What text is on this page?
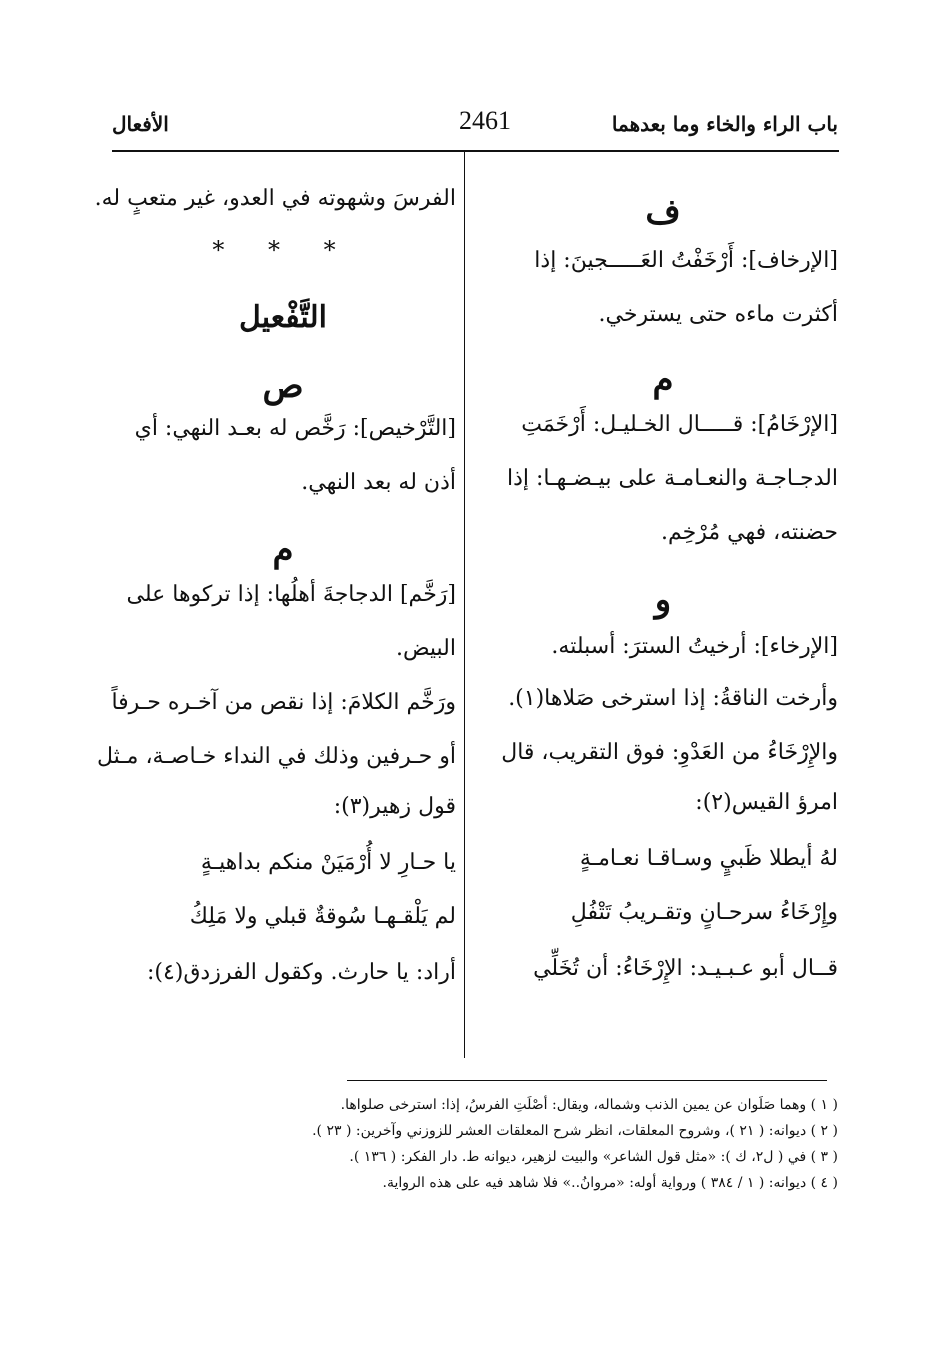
باب الراء والخاء وما بعدهما
2461
الأفعال
ف

[الإرخاف]: أَرْخَفْتُ العَـــــجينَ: إذا

أكثرت ماءه حتى يسترخي.

م

[الإرْخَامُ]: قـــــال الخـليـل: أَرْخَمَتِ

الدجـاجـة والنعـامـة على بيـضـهـا: إذا

حضنته، فهي مُرْخِم.

و

[الإرخاء]: أرخيتُ السترَ: أسبلته.

وأرخت الناقةُ: إذا استرخى صَلاها(١).

والإِرْخَاءُ من العَدْوِ: فوق التقريب، قال

امرؤ القيس(٢):

لهُ أيطلا ظَبيٍ وسـاقـا نعـامـةٍ

وإِرْخَاءُ سرحـانٍ وتقـريبُ تَتْفُلِ

قــال أبو عـبـيـد: الإِرْخَاءُ: أن تُخَلِّي

الفرسَ وشهوته في العدو، غير متعبٍ له.

* * *
التَّفْعيل
ص

[التَّرْخيص]: رَخَّص له بعـد النهي: أي

أذن له بعد النهي.

م

[رَخَّم] الدجاجةَ أهلُها: إذا تركوها على

البيض.

ورَخَّم الكلامَ: إذا نقص من آخـره حـرفاً

أو حـرفين وذلك في النداء خـاصـة، مـثل

قول زهير(٣):

يا حـارِ لا أُرْمَيَنْ منكم بداهيـةٍ

لم يَلْقـهـا سُوقةٌ قبلي ولا مَلِكُ

أراد: يا حارث. وكقول الفرزدق(٤):

( ١ ) وهما صَلَوان عن يمين الذنب وشماله، ويقال: أصْلَتِ الفرسُ، إذا: استرخى صلواها.

( ٢ ) ديوانه: ( ٢١ )، وشروح المعلقات، انظر شرح المعلقات العشر للزوزني وآخرين: ( ٢٣ ).

( ٣ ) في ( ل٢، ك ): «مثل قول الشاعر» والبيت لزهير، ديوانه ط. دار الفكر: ( ١٣٦ ).

( ٤ ) ديوانه: ( ١ / ٣٨٤ ) ورواية أوله: «مروانُ..» فلا شاهد فيه على هذه الرواية.
